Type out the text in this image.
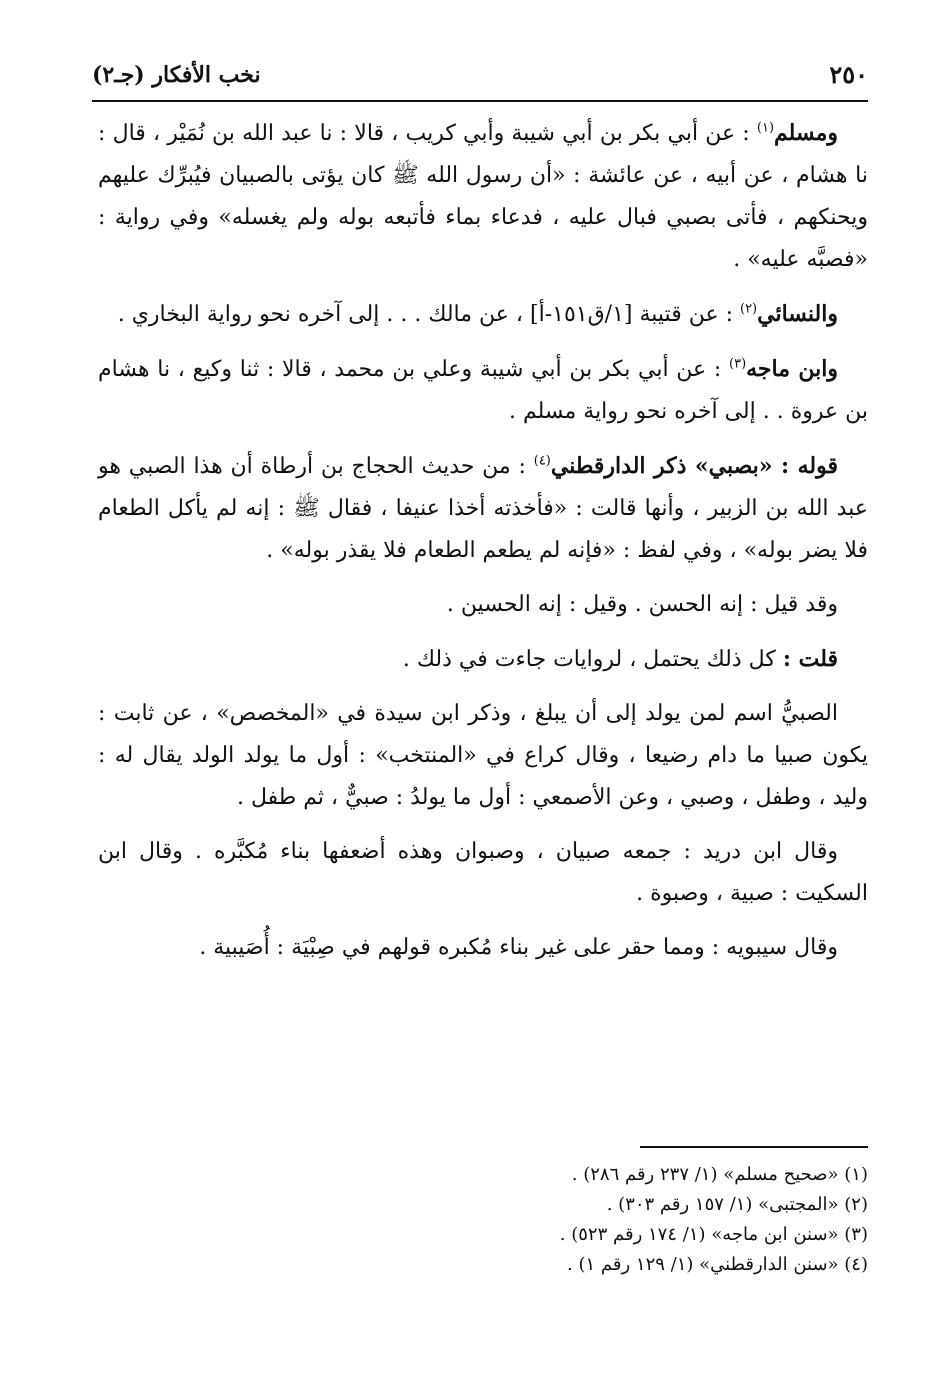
نخب الأفكار (جـ٢)	٢٥٠

ومسلم$^{(١)}$ : عن أبي بكر بن أبي شيبة وأبي كريب ، قالا : نا عبد الله بن نُمَيْر ، قال : نا هشام ، عن أبيه ، عن عائشة : «أن رسول الله ﷺ كان يؤتى بالصبيان فيُبرِّك عليهم ويحنكهم ، فأتى بصبي فبال عليه ، فدعاء بماء فأتبعه بوله ولم يغسله» وفي رواية : «فصبَّه عليه» .

والنسائي$^{(٢)}$ : عن قتيبة [١/ق١٥١-أ] ، عن مالك . . . إلى آخره نحو رواية البخاري .

وابن ماجه$^{(٣)}$ : عن أبي بكر بن أبي شيبة وعلي بن محمد ، قالا : ثنا وكيع ، نا هشام بن عروة . . إلى آخره نحو رواية مسلم .

قوله : «بصبي» ذكر الدارقطني$^{(٤)}$ : من حديث الحجاج بن أرطاة أن هذا الصبي هو عبد الله بن الزبير ، وأنها قالت : «فأخذته أخذا عنيفا ، فقال ﷺ : إنه لم يأكل الطعام فلا يضر بوله» ، وفي لفظ : «فإنه لم يطعم الطعام فلا يقذر بوله» .

وقد قيل : إنه الحسن . وقيل : إنه الحسين .

قلت : كل ذلك يحتمل ، لروايات جاءت في ذلك .

الصبيُّ اسم لمن يولد إلى أن يبلغ ، وذكر ابن سيدة في «المخصص» ، عن ثابت : يكون صبيا ما دام رضيعا ، وقال كراع في «المنتخب» : أول ما يولد الولد يقال له : وليد ، وطفل ، وصبي ، وعن الأصمعي : أول ما يولدُ : صبيٌّ ، ثم طفل .

وقال ابن دريد : جمعه صبيان ، وصبوان وهذه أضعفها بناء مُكبَّره . وقال ابن السكيت : صبية ، وصبوة .

وقال سيبويه : ومما حقر على غير بناء مُكبره قولهم في صِبْيَة : أُصَيبية .

(١) «صحيح مسلم» (١/ ٢٣٧ رقم ٢٨٦) .

(٢) «المجتبى» (١/ ١٥٧ رقم ٣٠٣) .

(٣) «سنن ابن ماجه» (١/ ١٧٤ رقم ٥٢٣) .

(٤) «سنن الدارقطني» (١/ ١٢٩ رقم ١) .
